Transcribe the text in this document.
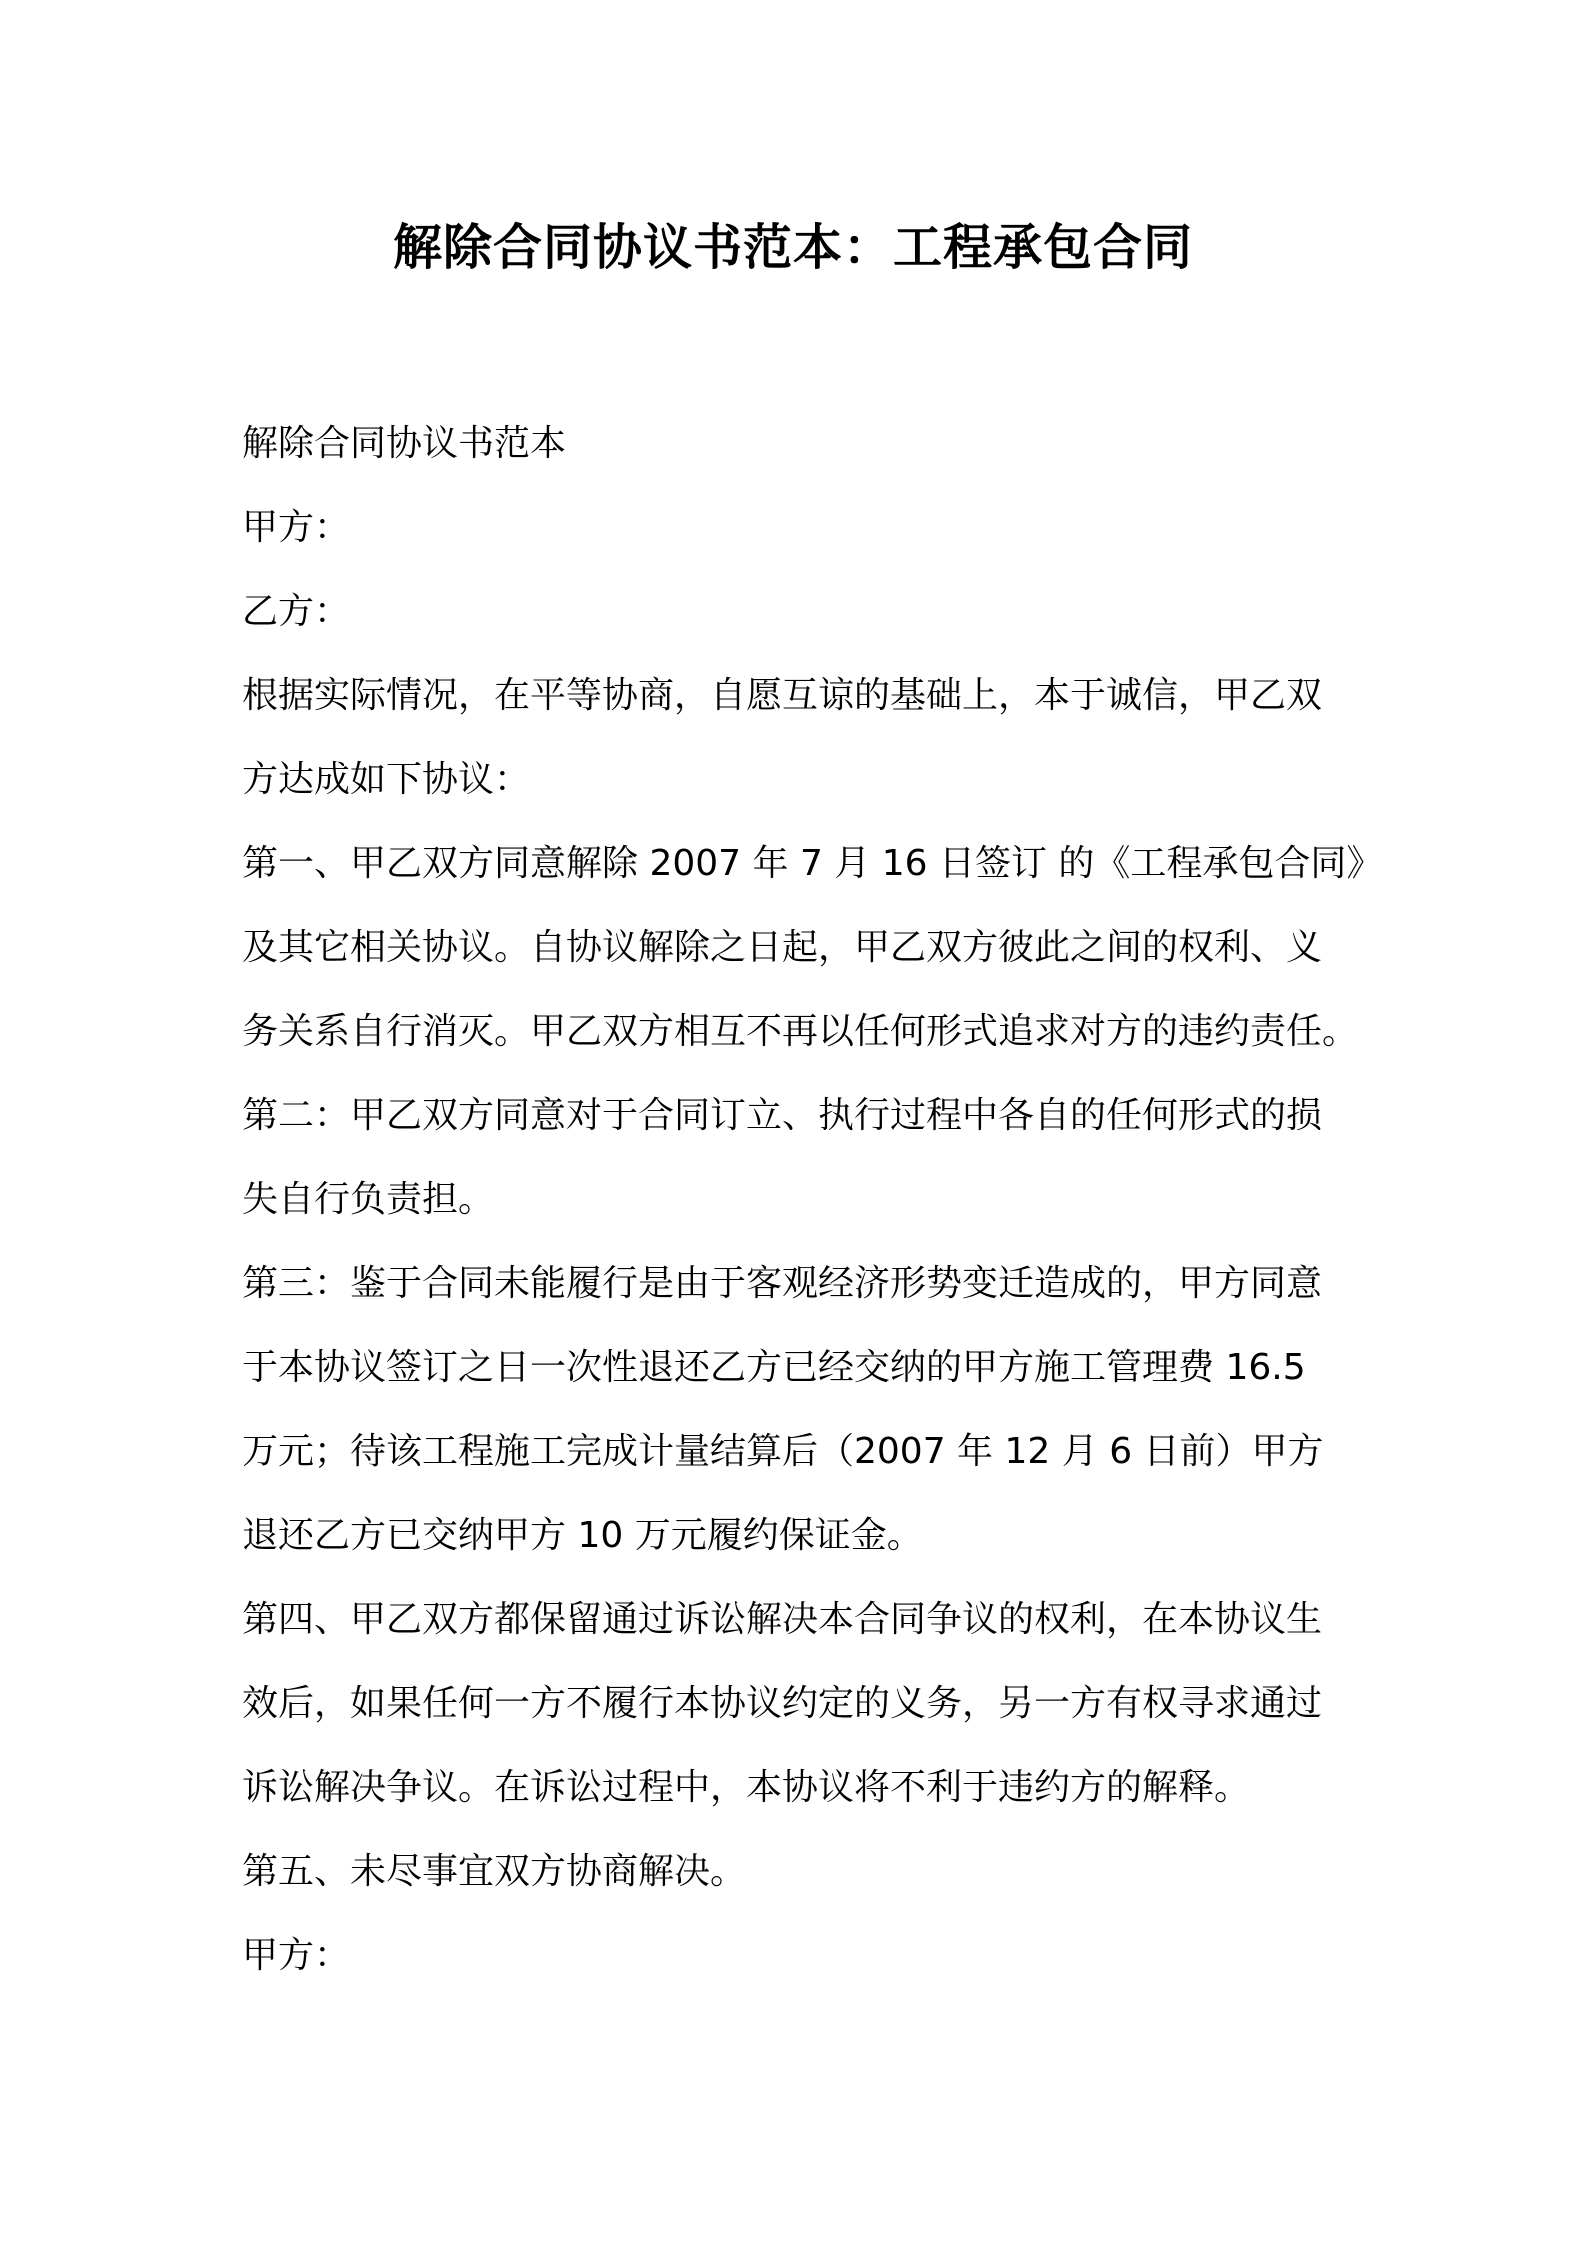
解除合同协议书范本：工程承包合同
解除合同协议书范本
甲方：
乙方：
根据实际情况，在平等协商，自愿互谅的基础上，本于诚信，甲乙双
方达成如下协议：
第一、甲乙双方同意解除 2007 年 7 月 16 日签订 的《工程承包合同》
及其它相关协议。自协议解除之日起，甲乙双方彼此之间的权利、义
务关系自行消灭。甲乙双方相互不再以任何形式追求对方的违约责任。
第二：甲乙双方同意对于合同订立、执行过程中各自的任何形式的损
失自行负责担。
第三：鉴于合同未能履行是由于客观经济形势变迁造成的，甲方同意
于本协议签订之日一次性退还乙方已经交纳的甲方施工管理费 16.5
万元；待该工程施工完成计量结算后（2007 年 12 月 6 日前）甲方
退还乙方已交纳甲方 10 万元履约保证金。
第四、甲乙双方都保留通过诉讼解决本合同争议的权利，在本协议生
效后，如果任何一方不履行本协议约定的义务，另一方有权寻求通过
诉讼解决争议。在诉讼过程中，本协议将不利于违约方的解释。
第五、未尽事宜双方协商解决。
甲方：
